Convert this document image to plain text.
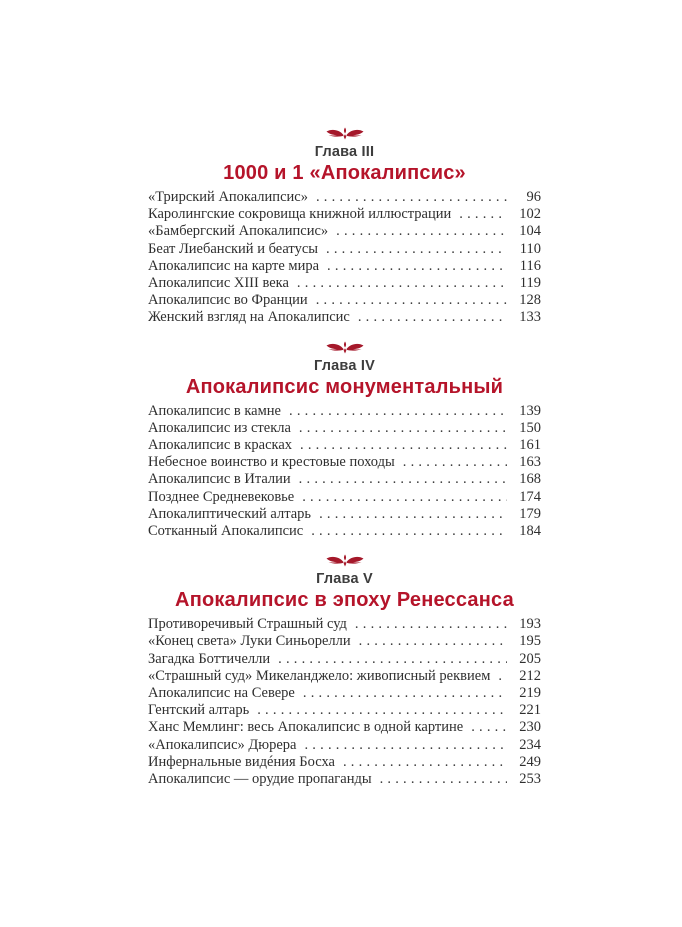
Глава III
1000 и 1 «Апокалипсис»
«Трирский Апокалипсис» .....	96
Каролингские сокровища книжной иллюстрации .....	102
«Бамбергский Апокалипсис» .....	104
Беат Лиебанский и беатусы .....	110
Апокалипсис на карте мира .....	116
Апокалипсис XIII века .....	119
Апокалипсис во Франции .....	128
Женский взгляд на Апокалипсис .....	133
Глава IV
Апокалипсис монументальный
Апокалипсис в камне .....	139
Апокалипсис из стекла .....	150
Апокалипсис в красках .....	161
Небесное воинство и крестовые походы .....	163
Апокалипсис в Италии .....	168
Позднее Средневековье .....	174
Апокалиптический алтарь .....	179
Сотканный Апокалипсис .....	184
Глава V
Апокалипсис в эпоху Ренессанса
Противоречивый Страшный суд .....	193
«Конец света» Луки Синьорелли .....	195
Загадка Боттичелли .....	205
«Страшный суд» Микеланджело: живописный реквием .....	212
Апокалипсис на Севере .....	219
Гентский алтарь .....	221
Ханс Мемлинг: весь Апокалипсис в одной картине .....	230
«Апокалипсис» Дюрера .....	234
Инфернальные видéния Босха .....	249
Апокалипсис — орудие пропаганды .....	253
